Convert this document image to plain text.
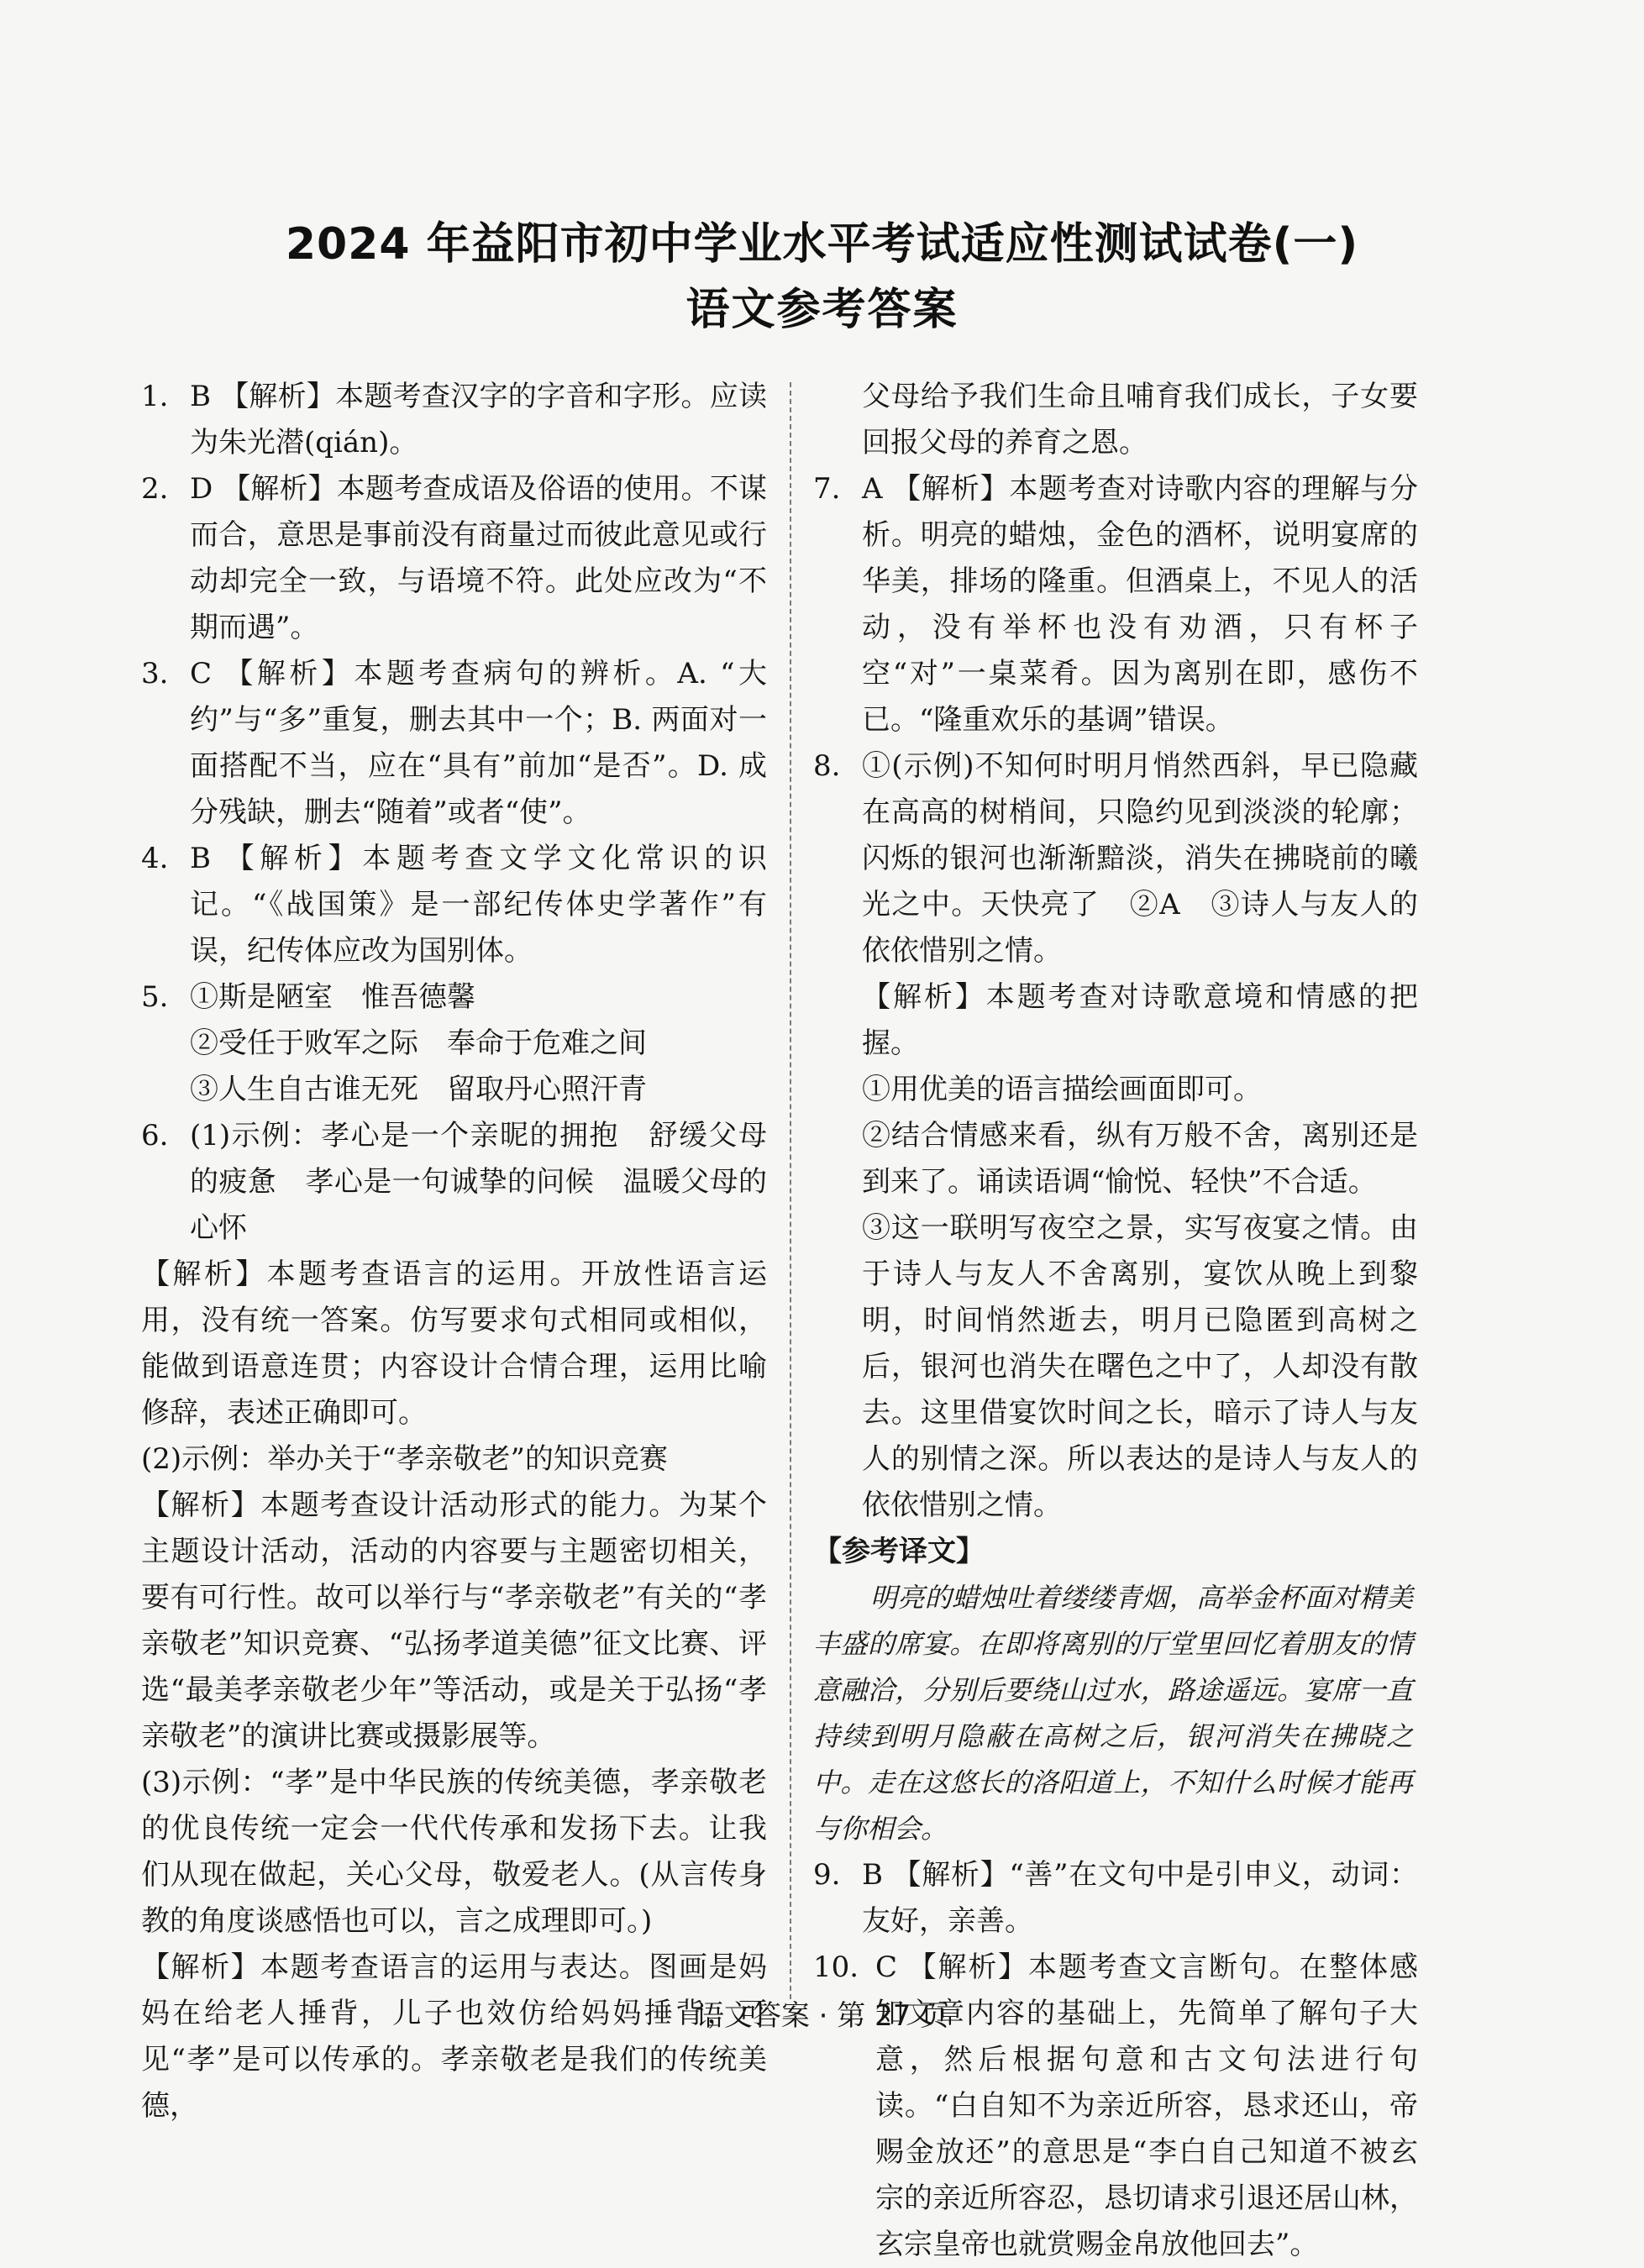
2024 年益阳市初中学业水平考试适应性测试试卷(一)
语文参考答案

1. B 【解析】本题考查汉字的字音和字形。应读为朱光潜(qián)。

2. D 【解析】本题考查成语及俗语的使用。不谋而合，意思是事前没有商量过而彼此意见或行动却完全一致，与语境不符。此处应改为“不期而遇”。

3. C 【解析】本题考查病句的辨析。A. “大约”与“多”重复，删去其中一个；B. 两面对一面搭配不当，应在“具有”前加“是否”。D. 成分残缺，删去“随着”或者“使”。

4. B 【解析】本题考查文学文化常识的识记。“《战国策》是一部纪传体史学著作”有误，纪传体应改为国别体。

5. ①斯是陋室　惟吾德馨

②受任于败军之际　奉命于危难之间

③人生自古谁无死　留取丹心照汗青

6. (1)示例：孝心是一个亲昵的拥抱　舒缓父母的疲惫　孝心是一句诚挚的问候　温暖父母的心怀

【解析】本题考查语言的运用。开放性语言运用，没有统一答案。仿写要求句式相同或相似，能做到语意连贯；内容设计合情合理，运用比喻修辞，表述正确即可。

(2)示例：举办关于“孝亲敬老”的知识竞赛

【解析】本题考查设计活动形式的能力。为某个主题设计活动，活动的内容要与主题密切相关，要有可行性。故可以举行与“孝亲敬老”有关的“孝亲敬老”知识竞赛、“弘扬孝道美德”征文比赛、评选“最美孝亲敬老少年”等活动，或是关于弘扬“孝亲敬老”的演讲比赛或摄影展等。

(3)示例：“孝”是中华民族的传统美德，孝亲敬老的优良传统一定会一代代传承和发扬下去。让我们从现在做起，关心父母，敬爱老人。(从言传身教的角度谈感悟也可以，言之成理即可。)

【解析】本题考查语言的运用与表达。图画是妈妈在给老人捶背，儿子也效仿给妈妈捶背，可见“孝”是可以传承的。孝亲敬老是我们的传统美德，

父母给予我们生命且哺育我们成长，子女要回报父母的养育之恩。

7. A 【解析】本题考查对诗歌内容的理解与分析。明亮的蜡烛，金色的酒杯，说明宴席的华美，排场的隆重。但酒桌上，不见人的活动，没有举杯也没有劝酒，只有杯子空“对”一桌菜肴。因为离别在即，感伤不已。“隆重欢乐的基调”错误。

8. ①(示例)不知何时明月悄然西斜，早已隐藏在高高的树梢间，只隐约见到淡淡的轮廓；闪烁的银河也渐渐黯淡，消失在拂晓前的曦光之中。天快亮了　②A　③诗人与友人的依依惜别之情。

【解析】本题考查对诗歌意境和情感的把握。

①用优美的语言描绘画面即可。

②结合情感来看，纵有万般不舍，离别还是到来了。诵读语调“愉悦、轻快”不合适。

③这一联明写夜空之景，实写夜宴之情。由于诗人与友人不舍离别，宴饮从晚上到黎明，时间悄然逝去，明月已隐匿到高树之后，银河也消失在曙色之中了，人却没有散去。这里借宴饮时间之长，暗示了诗人与友人的别情之深。所以表达的是诗人与友人的依依惜别之情。

【参考译文】

明亮的蜡烛吐着缕缕青烟，高举金杯面对精美丰盛的席宴。在即将离别的厅堂里回忆着朋友的情意融洽，分别后要绕山过水，路途遥远。宴席一直持续到明月隐蔽在高树之后，银河消失在拂晓之中。走在这悠长的洛阳道上，不知什么时候才能再与你相会。

9. B 【解析】“善”在文句中是引申义，动词：友好，亲善。

10. C 【解析】本题考查文言断句。在整体感知文章内容的基础上，先简单了解句子大意，然后根据句意和古文句法进行句读。“白自知不为亲近所容，恳求还山，帝赐金放还”的意思是“李白自己知道不被玄宗的亲近所容忍，恳切请求引退还居山林，玄宗皇帝也就赏赐金帛放他回去”。

语文答案 · 第 27 页
